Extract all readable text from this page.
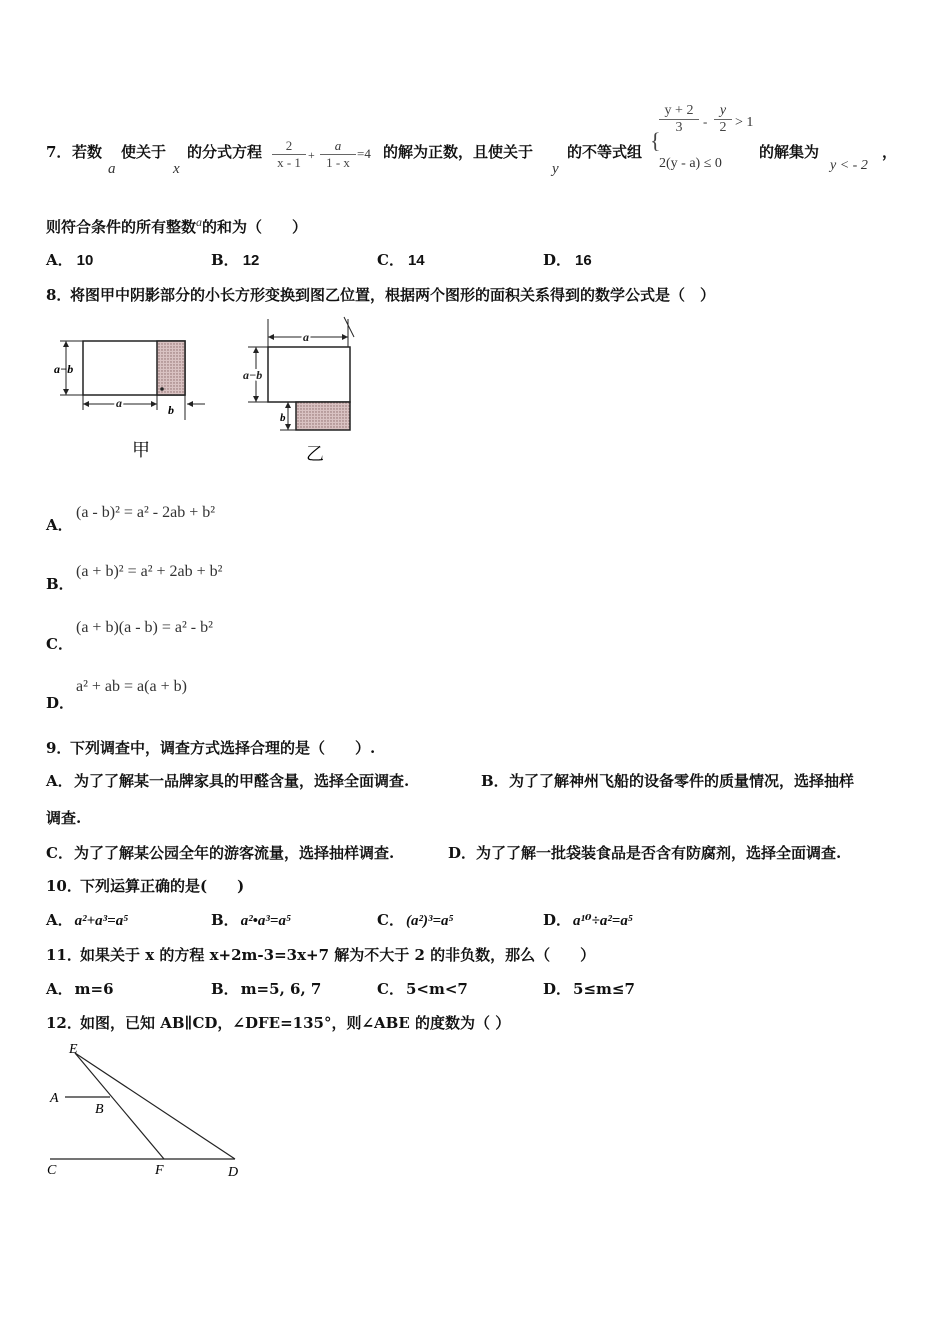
7． 若数
a
使关于
x
的分式方程 $\frac{2}{x - 1} + \frac{a}{1 - x} =4$ 的解为正数，且使关于
y
的不等式组 {
$\frac{y + 2}{3} - \frac{y}{2} > 1$
2(y - a) ≤ 0
的解集为
y < - 2
，
则符合条件的所有整数$^a$的和为（　　）
A． 10	B． 12	C． 14	D． 16
8．
将图甲中阴影部分的小长方形变换到图乙位置，根据两个图形的面积关系得到的数学公式是（　）
a−b
a	b
甲
a
a−b
b
乙
A．
(a - b)² = a² - 2ab + b²
B．
(a + b)² = a² + 2ab + b²
C．
(a + b)(a - b) = a² - b²
D．
a² + ab = a(a + b)
9．
下列调查中，调查方式选择合理的是（　　）.
A． 为了了解某一品牌家具的甲醛含量，选择全面调查.	B． 为了了解神州飞船的设备零件的质量情况，选择抽样
调查.
C． 为了了解某公园全年的游客流量，选择抽样调查.	D． 为了了解一批袋装食品是否含有防腐剂，选择全面调查.
10．
下列运算正确的是(　　)
A． a²+a³=a⁵	B． a²•a³=a⁵	C． (a²)³=a⁵	D． a¹⁰÷a²=a⁵
11．
如果关于 x 的方程 x+2m-3=3x+7 解为不大于 2 的非负数，那么（　　）
A． m=6	B． m=5, 6, 7	C． 5<m<7	D． 5≤m≤7
12．
如图，已知 AB∥CD，∠DFE=135°，则∠ABE 的度数为（ ）
E
A
B
C	F	D
